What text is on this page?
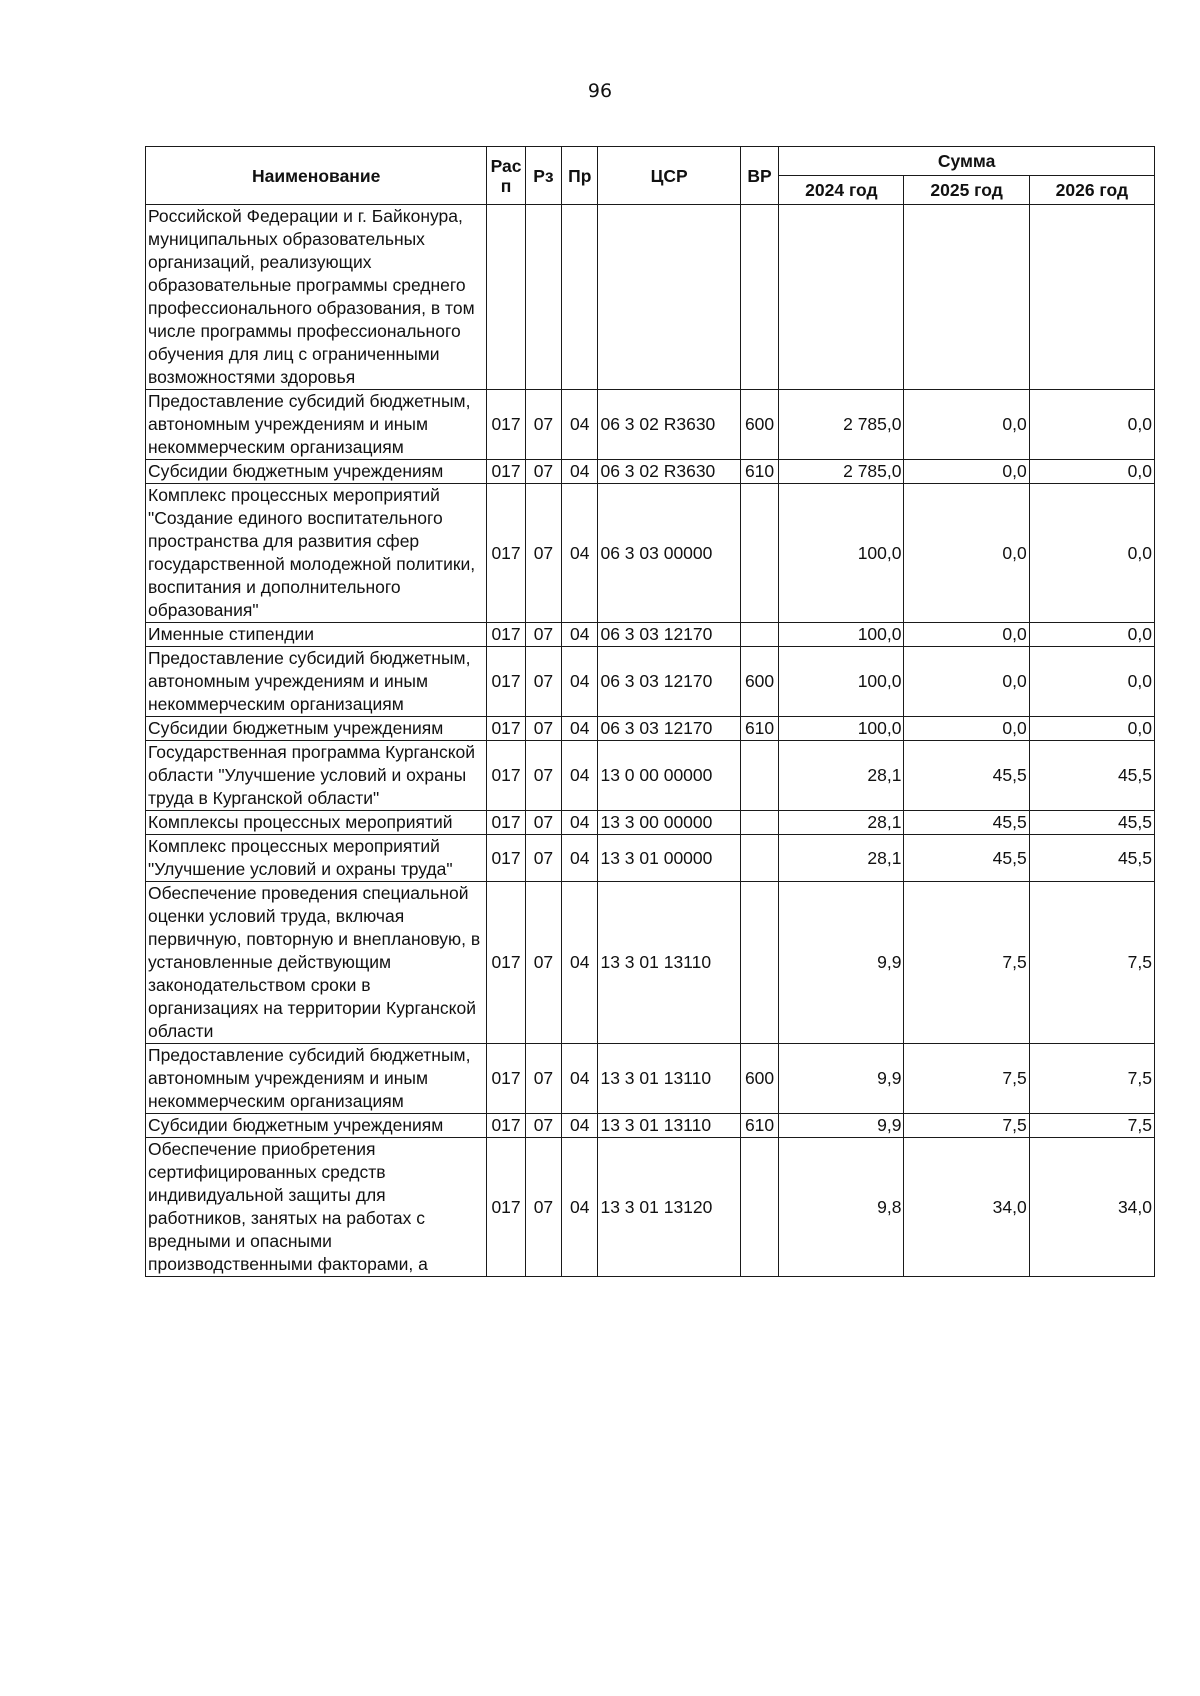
96
Наименование	Рас п	Рз	Пр	ЦСР	ВР	Сумма		
						2024 год	2025 год	2026 год
Российской Федерации и г. Байконура, муниципальных образовательных организаций, реализующих образовательные программы среднего профессионального образования, в том числе программы профессионального обучения для лиц с ограниченными возможностями здоровья								
Предоставление субсидий бюджетным, автономным учреждениям и иным некоммерческим организациям	017	07	04	06 3 02 R3630	600	2 785,0	0,0	0,0
Субсидии бюджетным учреждениям	017	07	04	06 3 02 R3630	610	2 785,0	0,0	0,0
Комплекс процессных мероприятий "Создание единого воспитательного пространства для развития сфер государственной молодежной политики, воспитания и дополнительного образования"	017	07	04	06 3 03 00000		100,0	0,0	0,0
Именные стипендии	017	07	04	06 3 03 12170		100,0	0,0	0,0
Предоставление субсидий бюджетным, автономным учреждениям и иным некоммерческим организациям	017	07	04	06 3 03 12170	600	100,0	0,0	0,0
Субсидии бюджетным учреждениям	017	07	04	06 3 03 12170	610	100,0	0,0	0,0
Государственная программа Курганской области "Улучшение условий и охраны труда в Курганской области"	017	07	04	13 0 00 00000		28,1	45,5	45,5
Комплексы процессных мероприятий	017	07	04	13 3 00 00000		28,1	45,5	45,5
Комплекс процессных мероприятий "Улучшение условий и охраны труда"	017	07	04	13 3 01 00000		28,1	45,5	45,5
Обеспечение проведения специальной оценки условий труда, включая первичную, повторную и внеплановую, в установленные действующим законодательством сроки в организациях на территории Курганской области	017	07	04	13 3 01 13110		9,9	7,5	7,5
Предоставление субсидий бюджетным, автономным учреждениям и иным некоммерческим организациям	017	07	04	13 3 01 13110	600	9,9	7,5	7,5
Субсидии бюджетным учреждениям	017	07	04	13 3 01 13110	610	9,9	7,5	7,5
Обеспечение приобретения сертифицированных средств индивидуальной защиты для работников, занятых на работах с вредными и опасными производственными факторами, а	017	07	04	13 3 01 13120		9,8	34,0	34,0
